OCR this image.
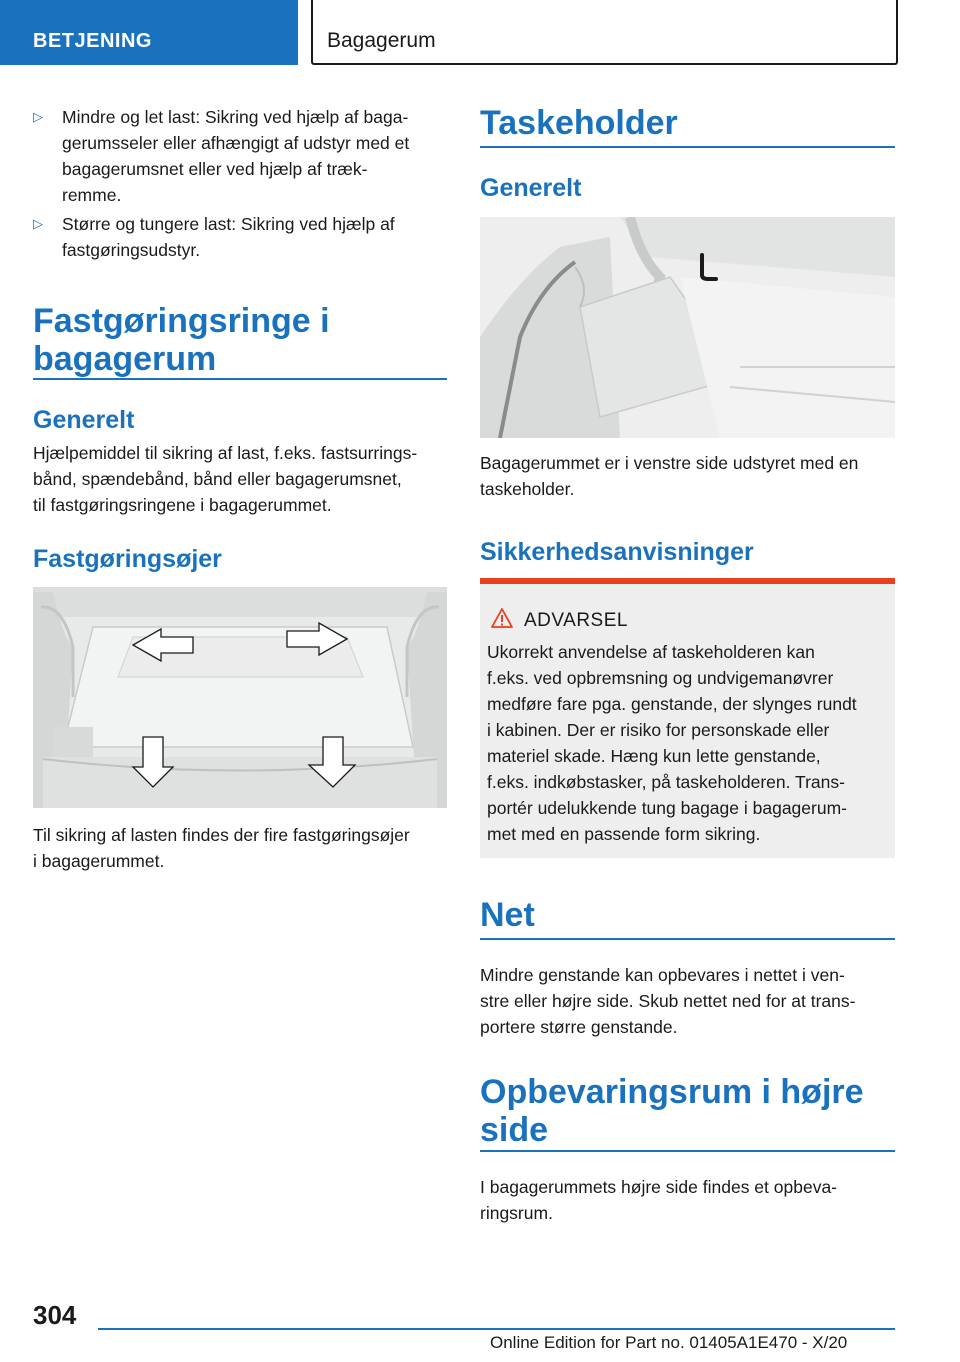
BETJENING	Bagagerum
▷ Mindre og let last: Sikring ved hjælp af baga-
gerumsseler eller afhængigt af udstyr med et
bagagerumsnet eller ved hjælp af træk-
remme.
▷ Større og tungere last: Sikring ved hjælp af
fastgøringsudstyr.
Fastgøringsringe i
bagagerum
Generelt

Hjælpemiddel til sikring af last, f.eks. fastsurrings-

bånd, spændebånd, bånd eller bagagerumsnet,

til fastgøringsringene i bagagerummet.

Fastgøringsøjer

Til sikring af lasten findes der fire fastgøringsøjer

i bagagerummet.

Taskeholder
Generelt

Bagagerummet er i venstre side udstyret med en

taskeholder.

Sikkerhedsanvisninger
ADVARSEL
Ukorrekt anvendelse af taskeholderen kan
f.eks. ved opbremsning og undvigemanøvrer
medføre fare pga. genstande, der slynges rundt
i kabinen. Der er risiko for personskade eller
materiel skade. Hæng kun lette genstande,
f.eks. indkøbstasker, på taskeholderen. Trans-
portér udelukkende tung bagage i bagagerum-
met med en passende form sikring.
Net

Mindre genstande kan opbevares i nettet i ven-

stre eller højre side. Skub nettet ned for at trans-

portere større genstande.

Opbevaringsrum i højre
side

I bagagerummets højre side findes et opbeva-

ringsrum.

304
Online Edition for Part no. 01405A1E470 - X/20
